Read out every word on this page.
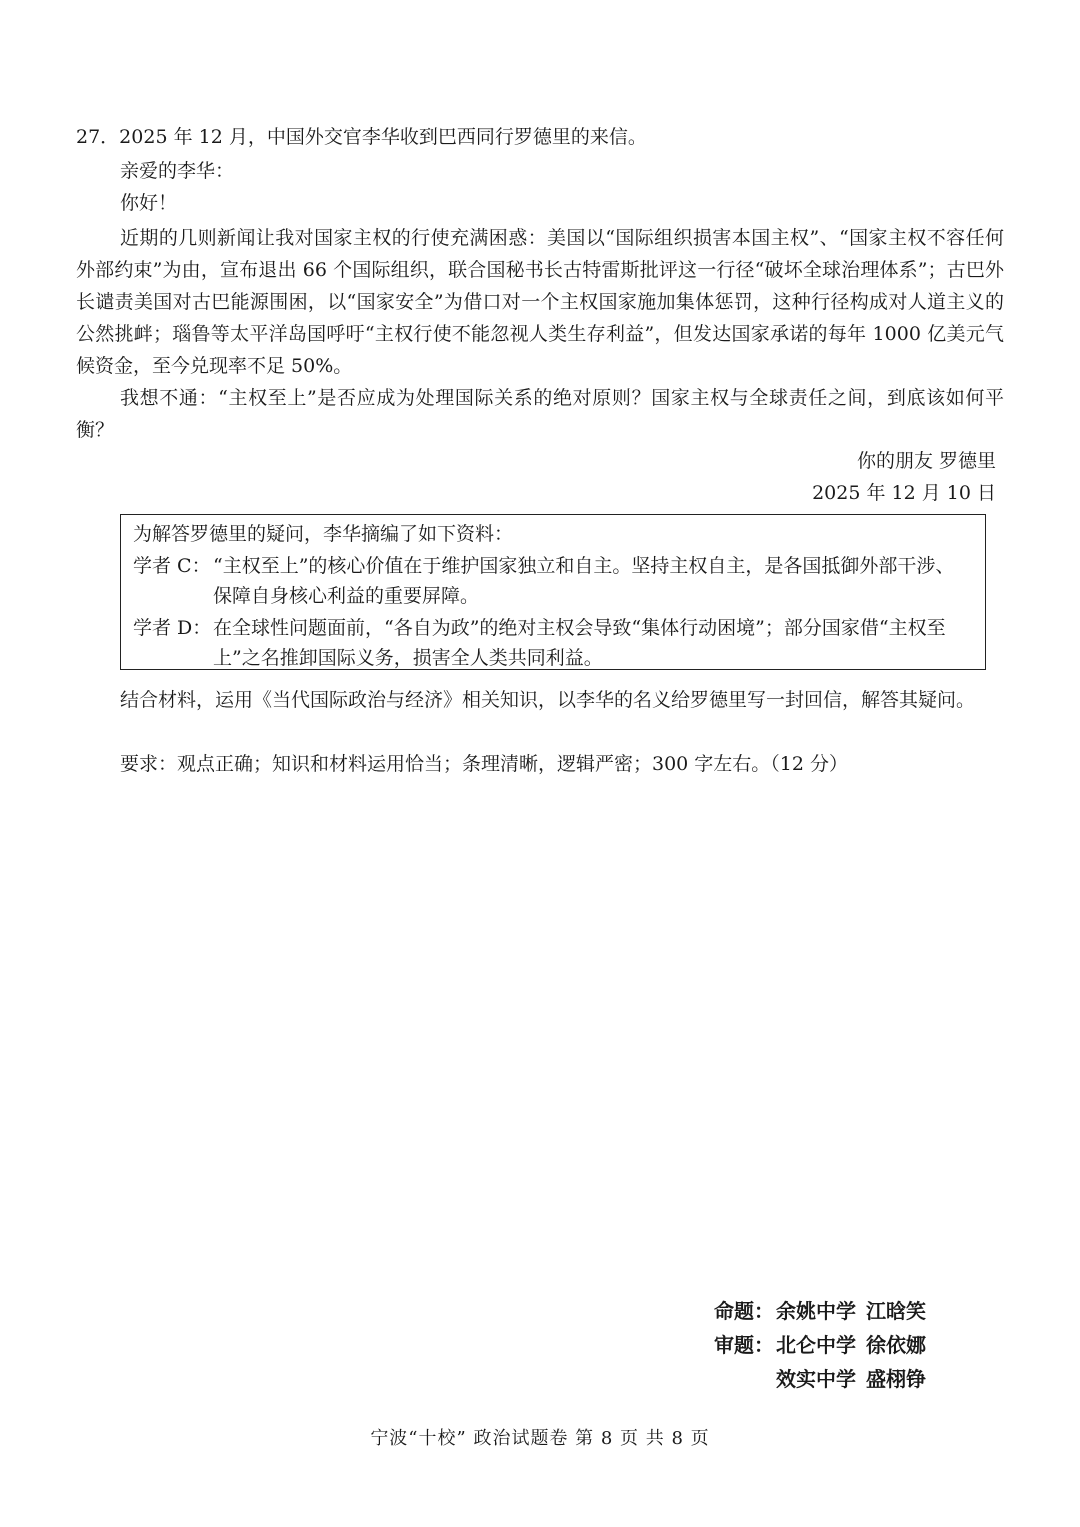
27．2025 年 12 月，中国外交官李华收到巴西同行罗德里的来信。
亲爱的李华：
你好！
近期的几则新闻让我对国家主权的行使充满困惑：美国以“国际组织损害本国主权”、“国家主权不容任何外部约束”为由，宣布退出 66 个国际组织，联合国秘书长古特雷斯批评这一行径“破坏全球治理体系”；古巴外长谴责美国对古巴能源围困，以“国家安全”为借口对一个主权国家施加集体惩罚，这种行径构成对人道主义的公然挑衅；瑙鲁等太平洋岛国呼吁“主权行使不能忽视人类生存利益”，但发达国家承诺的每年 1000 亿美元气候资金，至今兑现率不足 50%。
我想不通：“主权至上”是否应成为处理国际关系的绝对原则？国家主权与全球责任之间，到底该如何平衡？
你的朋友 罗德里
2025 年 12 月 10 日
为解答罗德里的疑问，李华摘编了如下资料：
学者 C： “主权至上”的核心价值在于维护国家独立和自主。坚持主权自主，是各国抵御外部干涉、保障自身核心利益的重要屏障。
学者 D： 在全球性问题面前，“各自为政”的绝对主权会导致“集体行动困境”；部分国家借“主权至上”之名推卸国际义务，损害全人类共同利益。
结合材料，运用《当代国际政治与经济》相关知识，以李华的名义给罗德里写一封回信，解答其疑问。
要求：观点正确；知识和材料运用恰当；条理清晰，逻辑严密；300 字左右。（12 分）
命题： 余姚中学 江晗笑
审题： 北仑中学 徐依娜
效实中学 盛栩铮
宁波“十校” 政治试题卷 第 8 页 共 8 页
